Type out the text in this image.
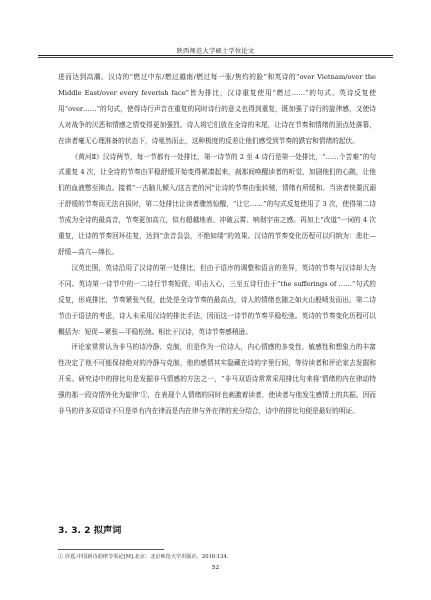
陕西师范大学硕士学位论文

进而达到高潮。汉诗的“燃过中东/燃过越南/燃过每一张/焦灼的脸”和英诗的“over Vietnam/over the Middle East/over every feverish face”皆为排比，汉诗重复使用“燃过……”的句式、英诗反复使用“over……”的句式，使得诗行声音在重复的同时诗行的意义也得到重复，既加强了诗行的旋律感，又使诗人对战争的厌恶和情感之情变得更加强烈。诗人将它们放在全诗的末尾，让诗在节奏和情绪的顶点处落幕，在读者毫无心理准备的状态下，诗戛然而止，这种极度的反差让他们感受到节奏的跌宕和情绪的起伏。

《黄河Ⅱ》汉诗两节，每一节都有一处排比，第一诗节的 2 至 4 诗行是第一处排比，“……个苦难”的句式重复 4 次，让全诗的节奏由平稳舒缓开始变得紧凑起来，刹那间唤醒读者的听觉，加剧他们的心跳，让他们的血液憋至沸点。接着“一古脑儿倾入/这古老的河”让诗的节奏由张转驰，情绪有所缓和。当读者快要沉溺于舒缓的节奏而无法自拔时，第二处排比让读者骤然惊醒，“让它……”的句式反复使用了 3 次，使得第二诗节成为全诗的最高音，节奏更加高亢，似有超越地表、冲破云霄、响彻宇宙之感。再加上“改道”一词的 4 次重复，让诗的节奏回环往复，达到“余音袅袅，不绝如缕”的效果。汉诗的节奏变化历程可以归纳为：悲壮—舒缓—高亢—绵长。

汉英比照，英诗沿用了汉诗的第一处排比，但由于语序的调整和语言的差异，英诗的节奏与汉诗却大为不同。英诗第一诗节中的一二诗行节奏短促，叩击人心，三至五诗行由于“the sufferings of ……”句式的反复，形成排比，节奏紧张气促，此处是全诗节奏的最高点，诗人的情绪也随之如火山般喷发而出。第二诗节由于语法的考虑，诗人未采用汉诗的排比手法，因而这一诗节的节奏平稳松弛。英诗的节奏变化历程可以概括为：短促—紧张—平稳松弛。相比于汉诗，英诗节奏感稍逊。

评论家常常认为非马的诗冷静、克制，但是作为一位诗人，内心情感的多变性、敏感性和想象力的丰富性决定了他不可能保持绝对的冷静与克制，他的感情其实隐藏在诗的字里行间，等待读者和评论家去发掘和开采。研究诗中的排比句是发掘非马情感的方法之一，“非马双语诗常常采用排比句来将‘情绪的内在律动特强的那一段诗情外化为旋律’①，在表现个人情绪的同时也刺激着读者，使读者与他发生感情上的共振。因而非马的许多双语诗不只是单有内在律而是内在律与外在律的充分结合，诗中的排比句便是最好的明证。

3. 3. 2 拟声词
① 许霆.中国新诗韵律节奏论[M].北京：北京师范大学出版社，2016:134.
52
